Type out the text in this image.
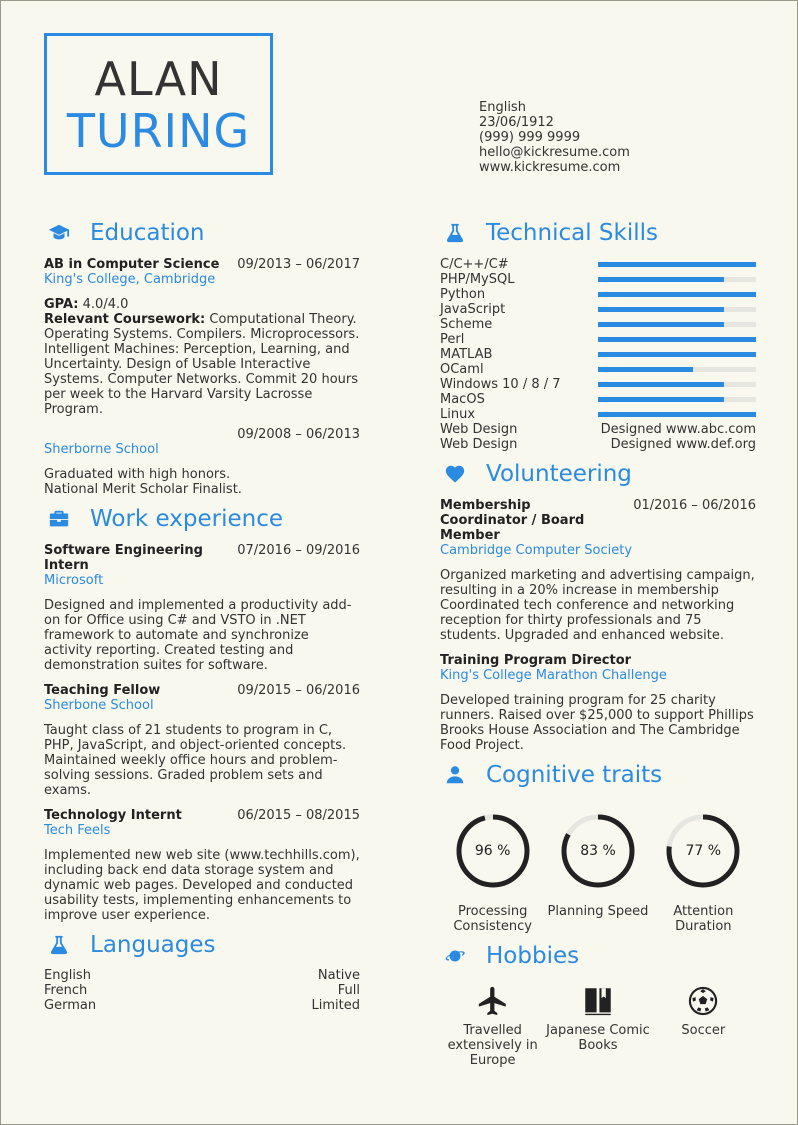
ALAN
TURING	English
23/06/1912
(999) 999 9999
hello@kickresume.com
www.kickresume.com
Education
AB in Computer Science 09/2013 – 06/2017
King's College, Cambridge
GPA: 4.0/4.0
Relevant Coursework: Computational Theory. Operating Systems. Compilers. Microprocessors. Intelligent Machines: Perception, Learning, and Uncertainty. Design of Usable Interactive Systems. Computer Networks. Commit 20 hours per week to the Harvard Varsity Lacrosse Program.
09/2008 – 06/2013
Sherborne School
Graduated with high honors. National Merit Scholar Finalist.
Work experience
Software Engineering Intern
07/2016 – 09/2016
Microsoft
Designed and implemented a productivity add-on for Office using C# and VSTO in .NET framework to automate and synchronize activity reporting. Created testing and demonstration suites for software.
Teaching Fellow	09/2015 – 06/2016
Sherbone School
Taught class of 21 students to program in C, PHP, JavaScript, and object-oriented concepts. Maintained weekly office hours and problem-solving sessions. Graded problem sets and exams.
Technology Internt	06/2015 – 08/2015
Tech Feels
Implemented new web site (www.techhills.com), including back end data storage system and dynamic web pages. Developed and conducted usability tests, implementing enhancements to improve user experience.
Languages
English	Native
French	Full
German	Limited
Technical Skills
C/C++/C#
PHP/MySQL
Python
JavaScript
Scheme
Perl
MATLAB
OCaml
Windows 10 / 8 / 7
MacOS
Linux
Web Design	Designed www.abc.com
Web Design	Designed www.def.org
Volunteering
Membership Coordinator / Board Member
01/2016 – 06/2016
Cambridge Computer Society
Organized marketing and advertising campaign, resulting in a 20% increase in membership Coordinated tech conference and networking reception for thirty professionals and 75 students. Upgraded and enhanced website.
Training Program Director
King's College Marathon Challenge
Developed training program for 25 charity runners. Raised over $25,000 to support Phillips Brooks House Association and The Cambridge Food Project.
Cognitive traits
96 %
Processing Consistency
83 %
Planning Speed
77 %
Attention Duration
Hobbies
Travelled extensively in Europe
Japanese Comic Books
Soccer
